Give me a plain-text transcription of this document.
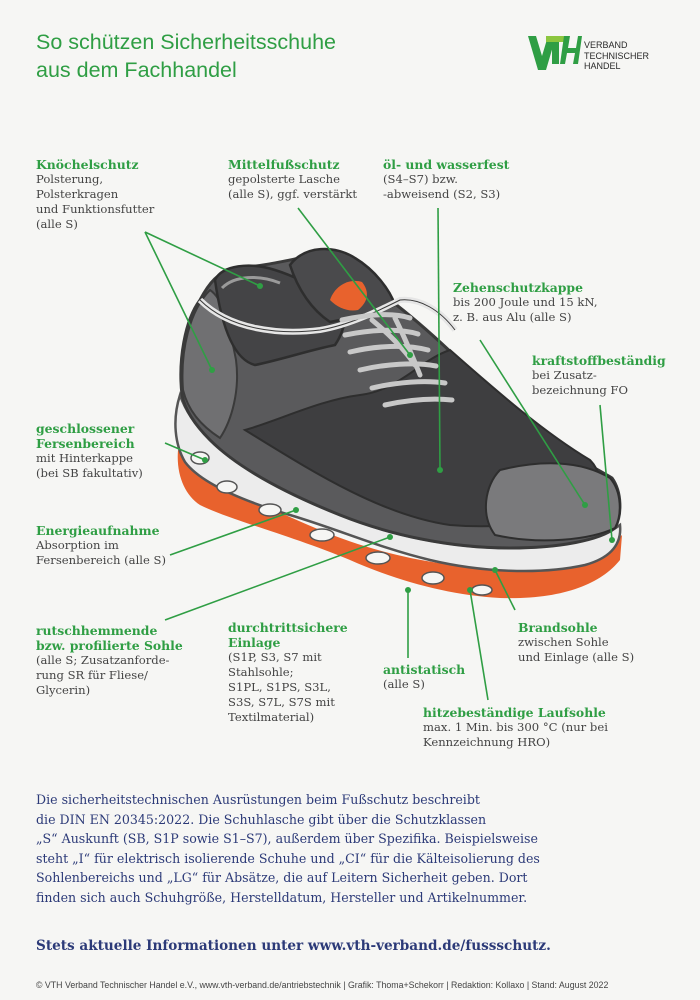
So schützen Sicherheitsschuhe
aus dem Fachhandel
VERBAND
TECHNISCHER
HANDEL
Knöchelschutz
Polsterung,
Polsterkragen
und Funktionsfutter
(alle S)
Mittelfußschutz
gepolsterte Lasche
(alle S), ggf. verstärkt
öl- und wasserfest
(S4–S7) bzw.
-abweisend (S2, S3)
Zehenschutzkappe
bis 200 Joule und 15 kN,
z. B. aus Alu (alle S)
kraftstoffbeständig
bei Zusatz-
bezeichnung FO
geschlossener
Fersenbereich
mit Hinterkappe
(bei SB fakultativ)
Energieaufnahme
Absorption im
Fersenbereich (alle S)
rutschhemmende
bzw. profilierte Sohle
(alle S; Zusatzanforde-
rung SR für Fliese/
Glycerin)
durchtrittsichere
Einlage
(S1P, S3, S7 mit
Stahlsohle;
S1PL, S1PS, S3L,
S3S, S7L, S7S mit
Textilmaterial)
antistatisch
(alle S)
Brandsohle
zwischen Sohle
und Einlage (alle S)
hitzebeständige Laufsohle
max. 1 Min. bis 300 °C (nur bei
Kennzeichnung HRO)
Die sicherheitstechnischen Ausrüstungen beim Fußschutz beschreibt
die DIN EN 20345:2022. Die Schuhlasche gibt über die Schutzklassen
„S“ Auskunft (SB, S1P sowie S1–S7), außerdem über Spezifika. Beispielsweise
steht „I“ für elektrisch isolierende Schuhe und „CI“ für die Kälteisolierung des
Sohlenbereichs und „LG“ für Absätze, die auf Leitern Sicherheit geben. Dort
finden sich auch Schuhgröße, Herstelldatum, Hersteller und Artikelnummer.
Stets aktuelle Informationen unter www.vth-verband.de/fussschutz.
© VTH Verband Technischer Handel e.V., www.vth-verband.de/antriebstechnik | Grafik: Thoma+Schekorr | Redaktion: Kollaxo | Stand: August 2022
